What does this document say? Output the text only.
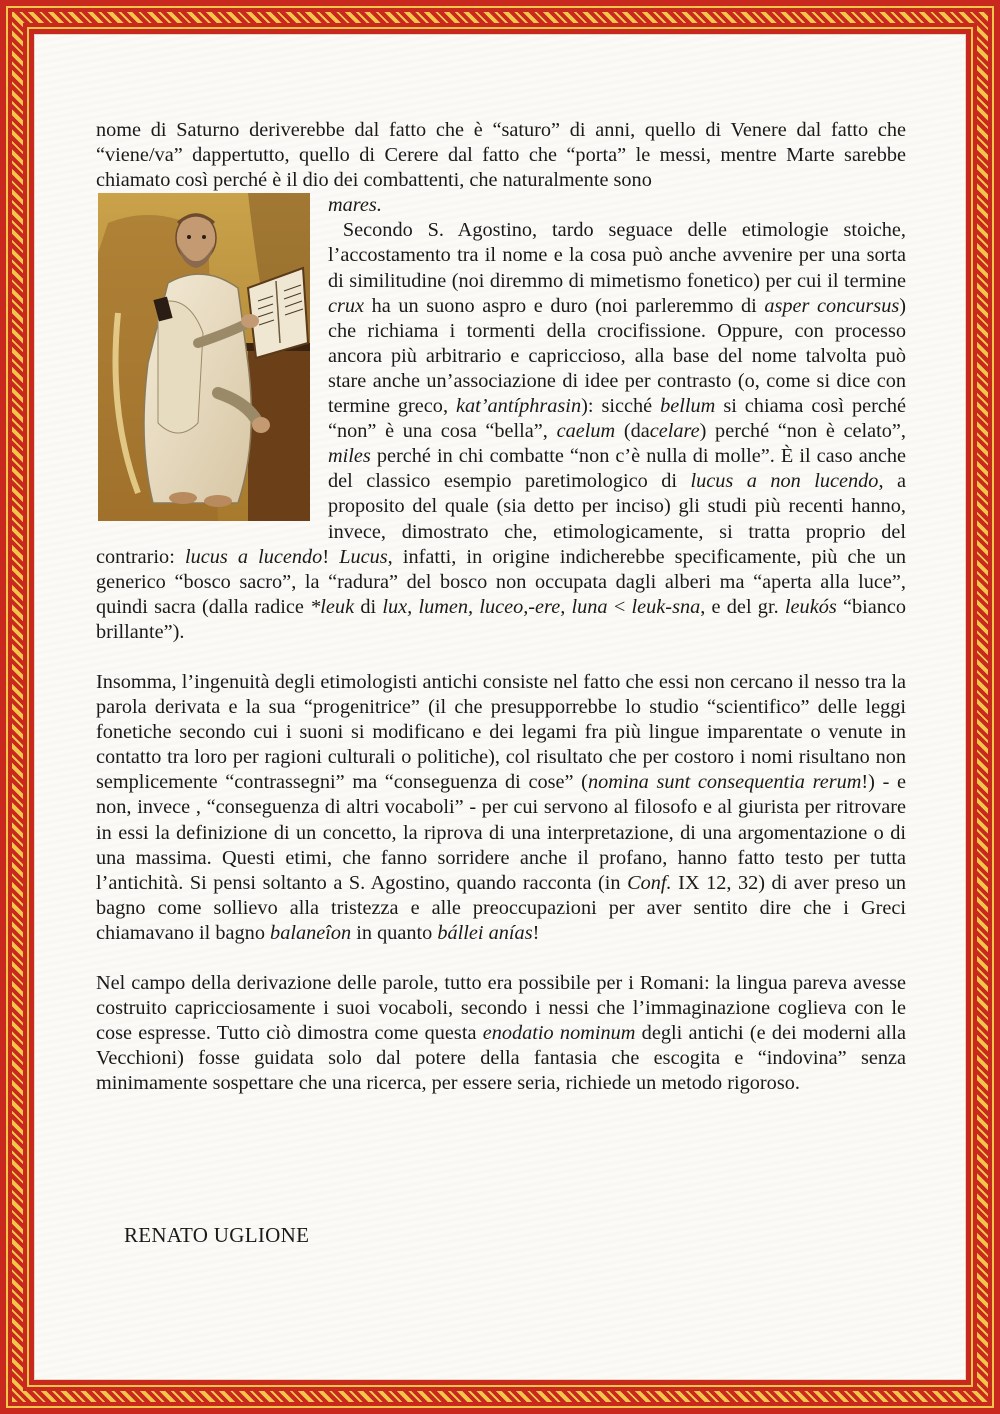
nome di Saturno deriverebbe dal fatto che è “saturo” di anni, quello di Venere dal fatto che “viene/va” dappertutto, quello di Cerere dal fatto che “porta” le messi, mentre Marte sarebbe chiamato così perché è il dio dei combattenti, che naturalmente sono

mares.

Secondo S. Agostino, tardo seguace delle etimologie stoiche, l’accostamento tra il nome e la cosa può anche avvenire per una sorta di similitudine (noi diremmo di mimetismo fonetico) per cui il termine crux ha un suono aspro e duro (noi parleremmo di asper concursus) che richiama i tormenti della crocifissione. Oppure, con processo ancora più arbitrario e capriccioso, alla base del nome talvolta può stare anche un’associazione di idee per contrasto (o, come si dice con termine greco, kat’antíphrasin): sicché bellum si chiama così perché “non” è una cosa “bella”, caelum (dacelare) perché “non è celato”, miles perché in chi combatte “non c’è nulla di molle”. È il caso anche del classico esempio paretimologico di lucus a non lucendo, a proposito del quale (sia detto per inciso) gli studi più recenti hanno, invece, dimostrato che, etimologicamente, si tratta proprio del contrario: lucus a lucendo! Lucus, infatti, in origine indicherebbe specificamente, più che un generico “bosco sacro”, la “radura” del bosco non occupata dagli alberi ma “aperta alla luce”, quindi sacra (dalla radice *leuk di lux, lumen, luceo,-ere, luna < leuk-sna, e del gr. leukós “bianco brillante”).

Insomma, l’ingenuità degli etimologisti antichi consiste nel fatto che essi non cercano il nesso tra la parola derivata e la sua “progenitrice” (il che presupporrebbe lo studio “scientifico” delle leggi fonetiche secondo cui i suoni si modificano e dei legami fra più lingue imparentate o venute in contatto tra loro per ragioni culturali o politiche), col risultato che per costoro i nomi risultano non semplicemente “contrassegni” ma “conseguenza di cose” (nomina sunt consequentia rerum!) - e non, invece , “conseguenza di altri vocaboli” - per cui servono al filosofo e al giurista per ritrovare in essi la definizione di un concetto, la riprova di una interpretazione, di una argomentazione o di una massima. Questi etimi, che fanno sorridere anche il profano, hanno fatto testo per tutta l’antichità. Si pensi soltanto a S. Agostino, quando racconta (in Conf. IX 12, 32) di aver preso un bagno come sollievo alla tristezza e alle preoccupazioni per aver sentito dire che i Greci chiamavano il bagno balaneîon in quanto bállei anías!

Nel campo della derivazione delle parole, tutto era possibile per i Romani: la lingua pareva avesse costruito capricciosamente i suoi vocaboli, secondo i nessi che l’immaginazione coglieva con le cose espresse. Tutto ciò dimostra come questa enodatio nominum degli antichi (e dei moderni alla Vecchioni) fosse guidata solo dal potere della fantasia che escogita e “indovina” senza minimamente sospettare che una ricerca, per essere seria, richiede un metodo rigoroso.

RENATO UGLIONE
